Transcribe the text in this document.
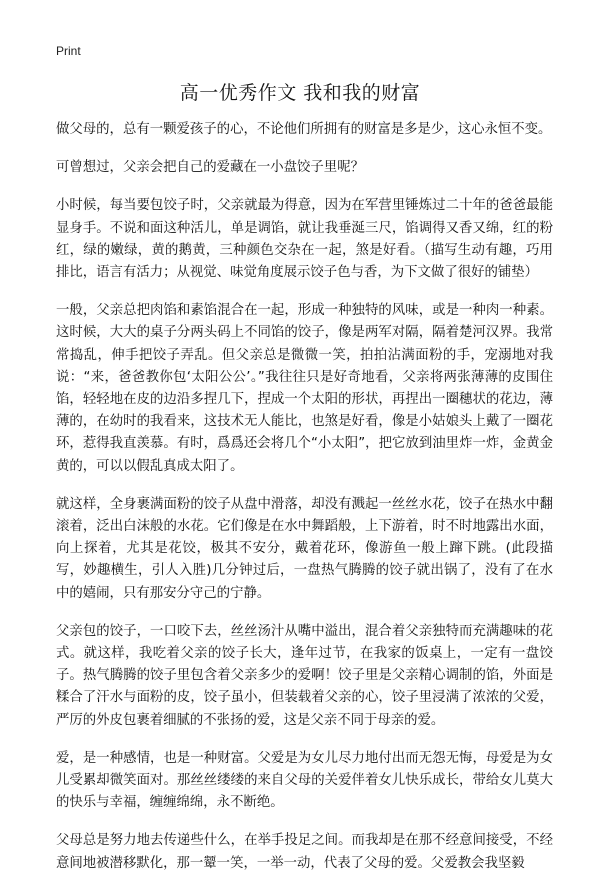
Print
高一优秀作文 我和我的财富

做父母的，总有一颗爱孩子的心，不论他们所拥有的财富是多是少，这心永恒不变。

可曾想过，父亲会把自己的爱藏在一小盘饺子里呢？

小时候，每当要包饺子时，父亲就最为得意，因为在军营里锤炼过二十年的爸爸最能显身手。不说和面这种活儿，单是调馅，就让我垂涎三尺，馅调得又香又绵，红的粉红，绿的嫩绿，黄的鹅黄，三种颜色交杂在一起，煞是好看。（描写生动有趣，巧用排比，语言有活力；从视觉、味觉角度展示饺子色与香，为下文做了很好的铺垫）

一般，父亲总把肉馅和素馅混合在一起，形成一种独特的风味，或是一种肉一种素。这时候，大大的桌子分两头码上不同馅的饺子，像是两军对隔，隔着楚河汉界。我常常捣乱，伸手把饺子弄乱。但父亲总是微微一笑，拍拍沾满面粉的手，宠溺地对我说：“来，爸爸教你包‘太阳公公’。”我往往只是好奇地看，父亲将两张薄薄的皮围住馅，轻轻地在皮的边沿多捏几下，捏成一个太阳的形状，再捏出一圈穗状的花边，薄薄的，在幼时的我看来，这技术无人能比，也煞是好看，像是小姑娘头上戴了一圈花环，惹得我直羡慕。有时，爲爲还会将几个“小太阳”，把它放到油里炸一炸，金黄金黄的，可以以假乱真成太阳了。

就这样，全身裹满面粉的饺子从盘中滑落，却没有溅起一丝丝水花，饺子在热水中翻滚着，泛出白沫般的水花。它们像是在水中舞蹈般，上下游着，时不时地露出水面，向上探着，尤其是花饺，极其不安分，戴着花环，像游鱼一般上蹿下跳。(此段描写，妙趣横生，引人入胜)几分钟过后，一盘热气腾腾的饺子就出锅了，没有了在水中的嬉闹，只有那安分守己的宁静。

父亲包的饺子，一口咬下去，丝丝汤汁从嘴中溢出，混合着父亲独特而充满趣味的花式。就这样，我吃着父亲的饺子长大，逢年过节，在我家的饭桌上，一定有一盘饺子。热气腾腾的饺子里包含着父亲多少的爱啊！饺子里是父亲精心调制的馅，外面是糅合了汗水与面粉的皮，饺子虽小，但装载着父亲的心，饺子里浸满了浓浓的父爱，严厉的外皮包裹着细腻的不张扬的爱，这是父亲不同于母亲的爱。

爱，是一种感情，也是一种财富。父爱是为女儿尽力地付出而无怨无悔，母爱是为女儿受累却微笑面对。那丝丝缕缕的来自父母的关爱伴着女儿快乐成长，带给女儿莫大的快乐与幸福，缠缠绵绵，永不断绝。

父母总是努力地去传递些什么，在举手投足之间。而我却是在那不经意间接受，不经意间地被潜移默化，那一颦一笑，一举一动，代表了父母的爱。父爱教会我坚毅
